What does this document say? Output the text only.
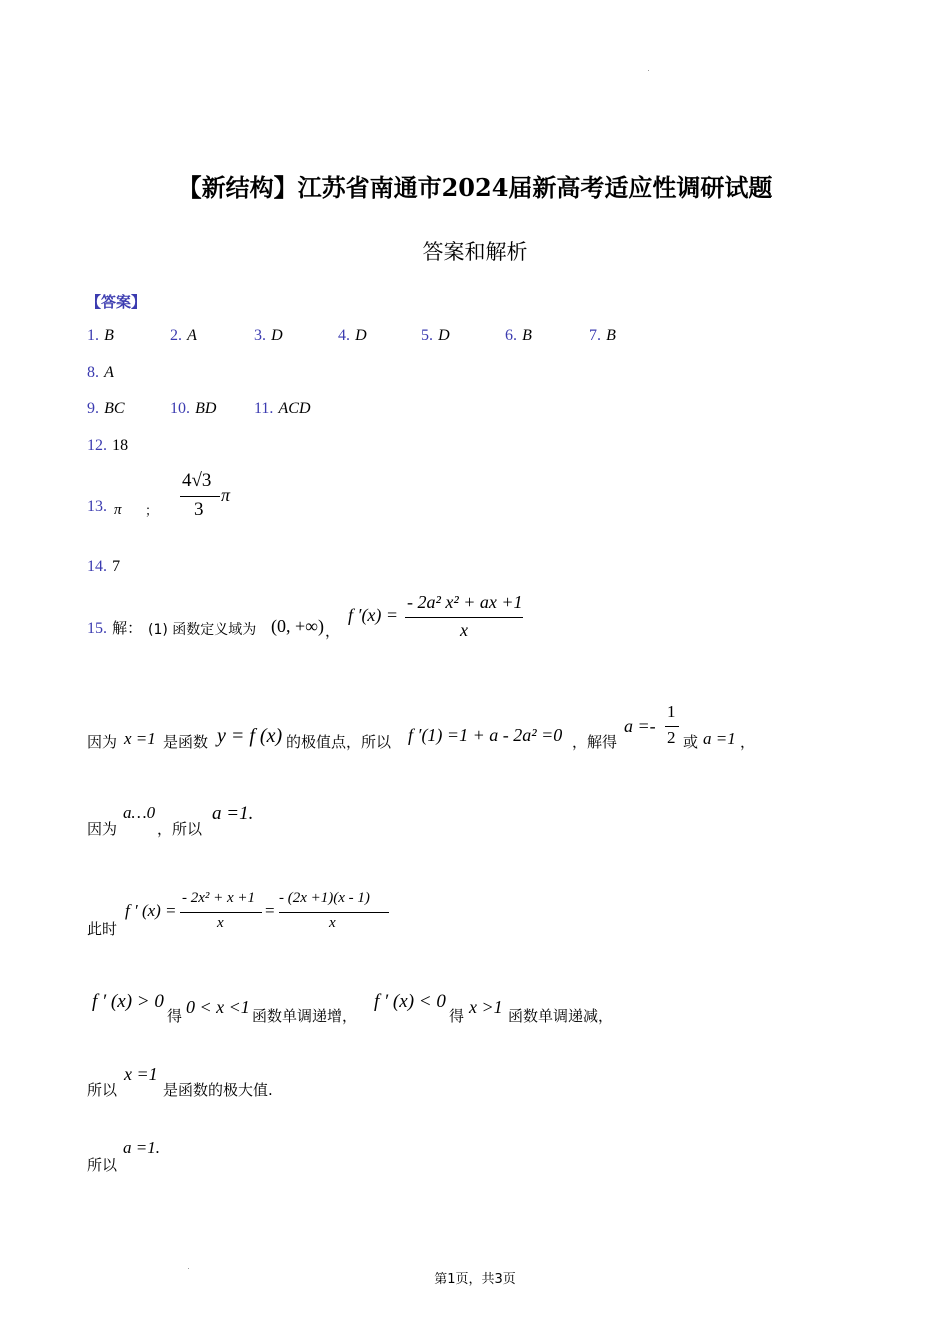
【新结构】江苏省南通市2024届新高考适应性调研试题
答案和解析
【答案】
1. B	2. A	3. D	4. D	5. D	6. B	7. B
8. A
9. BC	10. BD 11. ACD
12. 18
13. π ；
4√3
3
π
14. 7
15. 解： (1) 函数定义域为 (0, +∞) ，
f ′(x) =
- 2a² x² + ax +1
x
因为 x =1 是函数 y = f (x) 的极值点，所以 f ′(1) =1 + a - 2a² =0 ，解得
a =-
1
2 或 a =1 ，
因为
a…0
，所以
a =1.
此时
f ′ (x) =
- 2x² + x +1
x
=
- (2x +1)(x - 1)
x
f ′ (x) > 0
得 0 < x <1 函数单调递增，
f ′ (x) < 0
得 x >1 函数单调递减，
所以
x =1
是函数的极大值.
所以
a =1.
第1页，共3页
